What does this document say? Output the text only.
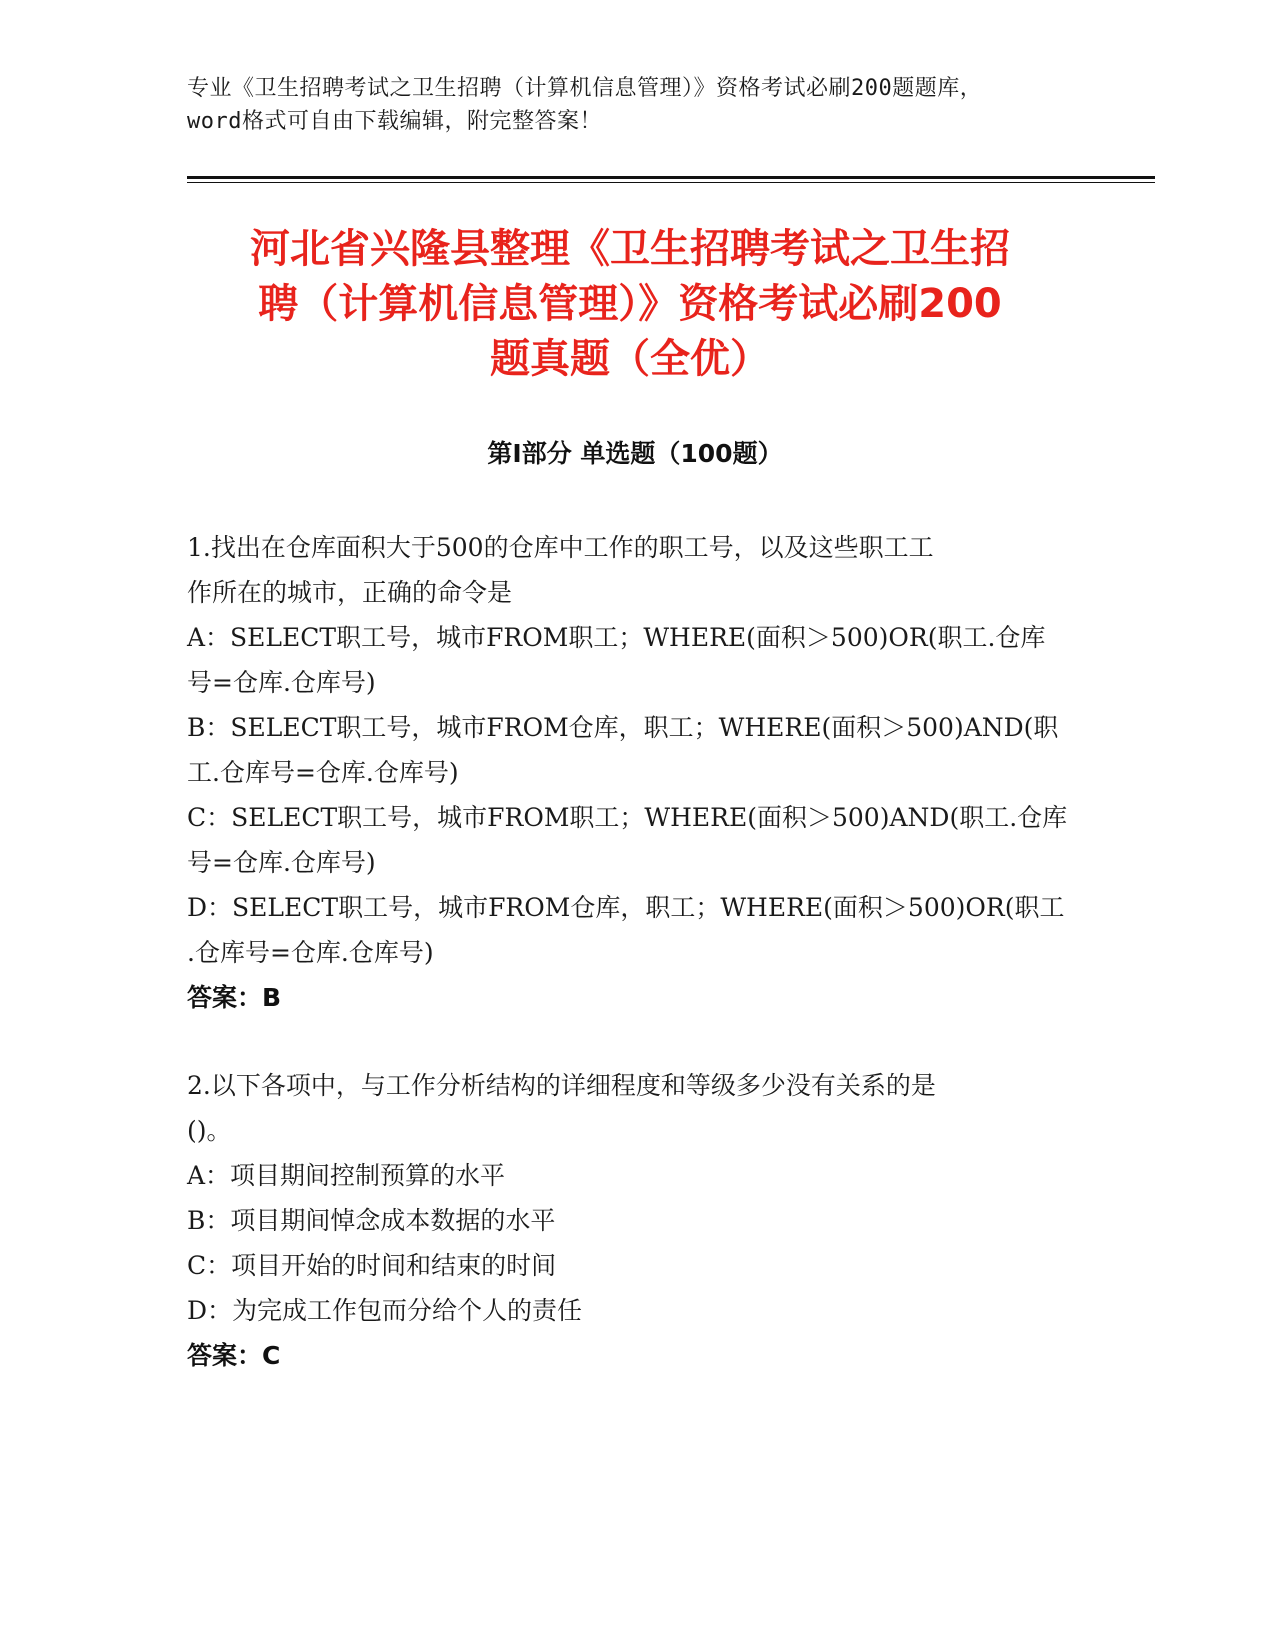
专业《卫生招聘考试之卫生招聘（计算机信息管理）》资格考试必刷200题题库，
word格式可自由下载编辑，附完整答案！
河北省兴隆县整理《卫生招聘考试之卫生招
聘（计算机信息管理）》资格考试必刷200
题真题（全优）
第I部分 单选题（100题）
1.找出在仓库面积大于500的仓库中工作的职工号，以及这些职工工
作所在的城市，正确的命令是
A：SELECT职工号，城市FROM职工；WHERE(面积＞500)OR(职工.仓库
号=仓库.仓库号)
B：SELECT职工号，城市FROM仓库，职工；WHERE(面积＞500)AND(职
工.仓库号=仓库.仓库号)
C：SELECT职工号，城市FROM职工；WHERE(面积＞500)AND(职工.仓库
号=仓库.仓库号)
D：SELECT职工号，城市FROM仓库，职工；WHERE(面积＞500)OR(职工
.仓库号=仓库.仓库号)
答案：B
2.以下各项中，与工作分析结构的详细程度和等级多少没有关系的是
()。
A：项目期间控制预算的水平
B：项目期间悼念成本数据的水平
C：项目开始的时间和结束的时间
D：为完成工作包而分给个人的责任
答案：C
